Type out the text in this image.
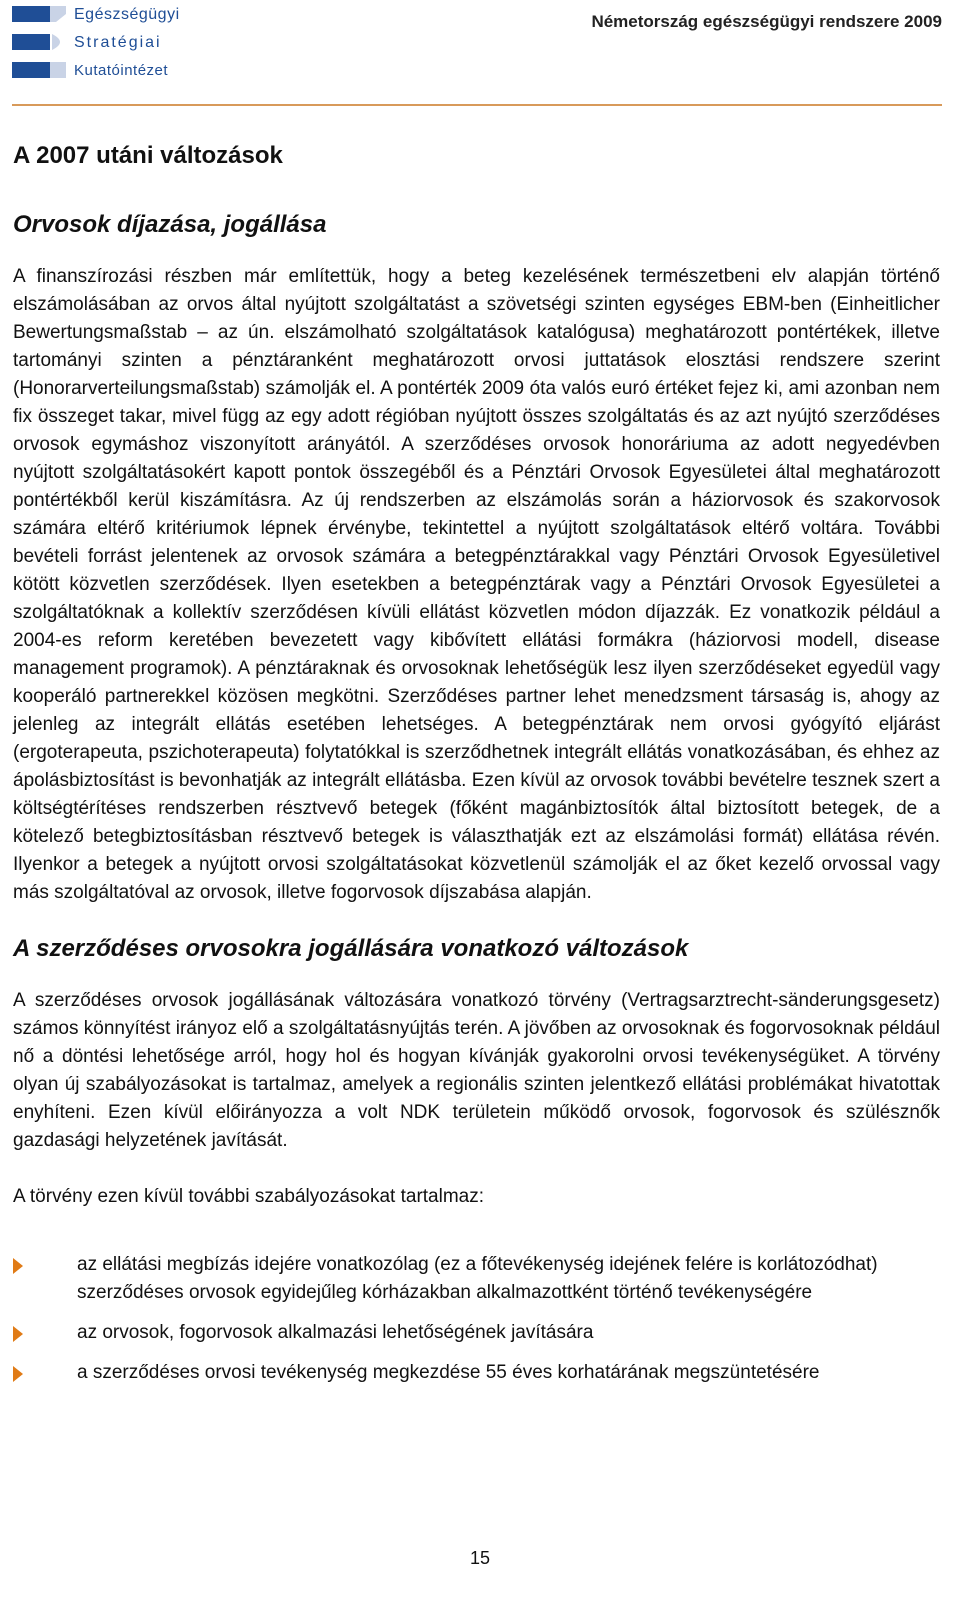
Egészségügyi
Stratégiai
Kutatóintézet
Németország egészségügyi rendszere 2009
A 2007 utáni változások
Orvosok díjazása, jogállása

A finanszírozási részben már említettük, hogy a beteg kezelésének természetbeni elv alapján történő elszámolásában az orvos által nyújtott szolgáltatást a szövetségi szinten egységes EBM-ben (Einheitlicher Bewertungsmaßstab – az ún. elszámolható szolgáltatások katalógusa) meghatározott pontértékek, illetve tartományi szinten a pénztáranként meghatározott orvosi juttatások elosztási rendszere szerint (Honorarverteilungsmaßstab) számolják el. A pontérték 2009 óta valós euró értéket fejez ki, ami azonban nem fix összeget takar, mivel függ az egy adott régióban nyújtott összes szolgáltatás és az azt nyújtó szerződéses orvosok egymáshoz viszonyított arányától. A szerződéses orvosok honoráriuma az adott negyedévben nyújtott szolgáltatásokért kapott pontok összegéből és a Pénztári Orvosok Egyesületei által meghatározott pontértékből kerül kiszámításra. Az új rendszerben az elszámolás során a háziorvosok és szakorvosok számára eltérő kritériumok lépnek érvénybe, tekintettel a nyújtott szolgáltatások eltérő voltára. További bevételi forrást jelentenek az orvosok számára a betegpénztárakkal vagy Pénztári Orvosok Egyesületivel kötött közvetlen szerződések. Ilyen esetekben a betegpénztárak vagy a Pénztári Orvosok Egyesületei a szolgáltatóknak a kollektív szerződésen kívüli ellátást közvetlen módon díjazzák. Ez vonatkozik például a 2004-es reform keretében bevezetett vagy kibővített ellátási formákra (háziorvosi modell, disease management programok). A pénztáraknak és orvosoknak lehetőségük lesz ilyen szerződéseket egyedül vagy kooperáló partnerekkel közösen megkötni. Szerződéses partner lehet menedzsment társaság is, ahogy az jelenleg az integrált ellátás esetében lehetséges. A betegpénztárak nem orvosi gyógyító eljárást (ergoterapeuta, pszichoterapeuta) folytatókkal is szerződhetnek integrált ellátás vonatkozásában, és ehhez az ápolásbiztosítást is bevonhatják az integrált ellátásba. Ezen kívül az orvosok további bevételre tesznek szert a költségtérítéses rendszerben résztvevő betegek (főként magánbiztosítók által biztosított betegek, de a kötelező betegbiztosításban résztvevő betegek is választhatják ezt az elszámolási formát) ellátása révén. Ilyenkor a betegek a nyújtott orvosi szolgáltatásokat közvetlenül számolják el az őket kezelő orvossal vagy más szolgáltatóval az orvosok, illetve fogorvosok díjszabása alapján.

A szerződéses orvosokra jogállására vonatkozó változások

A szerződéses orvosok jogállásának változására vonatkozó törvény (Vertragsarztrecht-sänderungsgesetz) számos könnyítést irányoz elő a szolgáltatásnyújtás terén. A jövőben az orvosoknak és fogorvosoknak például nő a döntési lehetősége arról, hogy hol és hogyan kívánják gyakorolni orvosi tevékenységüket. A törvény olyan új szabályozásokat is tartalmaz, amelyek a regionális szinten jelentkező ellátási problémákat hivatottak enyhíteni. Ezen kívül előirányozza a volt NDK területein működő orvosok, fogorvosok és szülésznők gazdasági helyzetének javítását.

A törvény ezen kívül további szabályozásokat tartalmaz:

az ellátási megbízás idejére vonatkozólag (ez a főtevékenység idejének felére is korlátozódhat) szerződéses orvosok egyidejűleg kórházakban alkalmazottként történő tevékenységére
az orvosok, fogorvosok alkalmazási lehetőségének javítására
a szerződéses orvosi tevékenység megkezdése 55 éves korhatárának megszüntetésére
15
